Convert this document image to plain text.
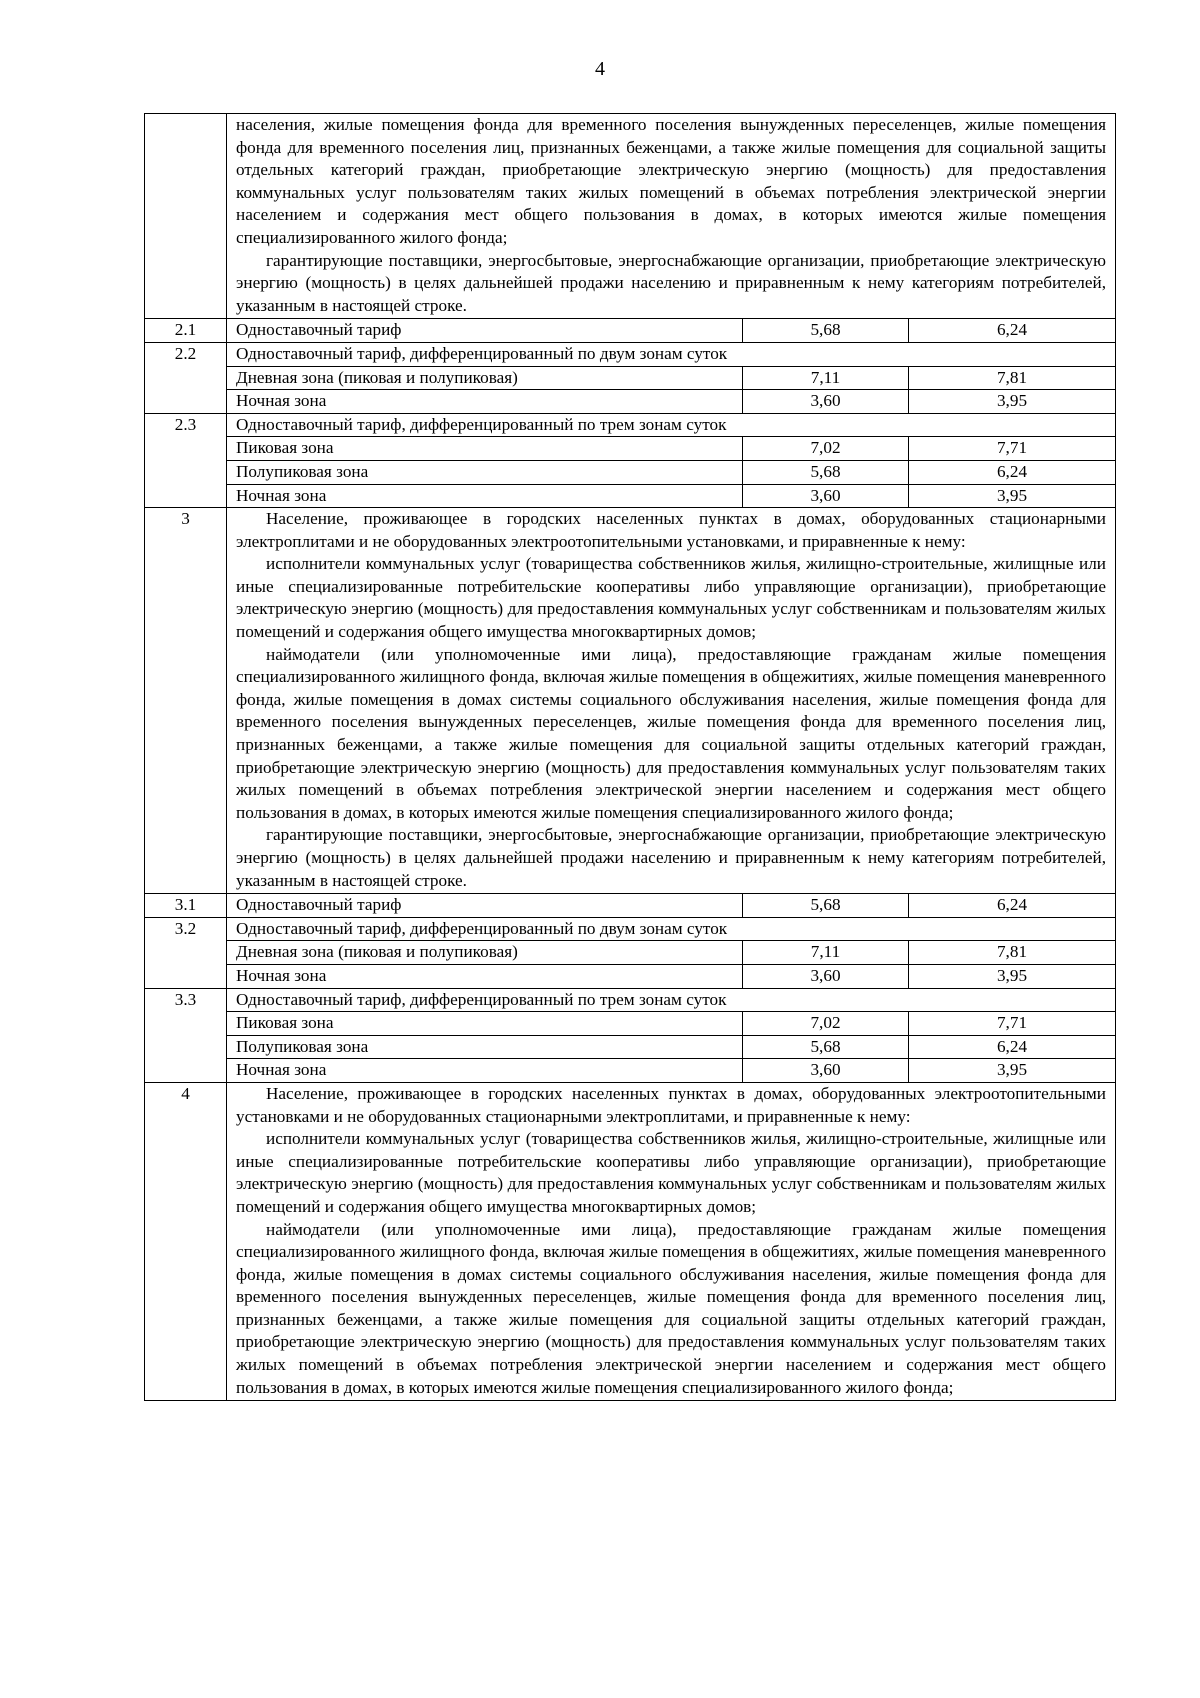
4

	населения, жилые помещения фонда для временного поселения вынужденных переселенцев, жилые помещения фонда для временного поселения лиц, признанных беженцами, а также жилые помещения для социальной защиты отдельных категорий граждан, приобретающие электрическую энергию (мощность) для предоставления коммунальных услуг пользователям таких жилых помещений в объемах потребления электрической энергии населением и содержания мест общего пользования в домах, в которых имеются жилые помещения специализированного жилого фонда;
гарантирующие поставщики, энергосбытовые, энергоснабжающие организации, приобретающие электрическую энергию (мощность) в целях дальнейшей продажи населению и приравненным к нему категориям потребителей, указанным в настоящей строке.		

2.1	Одноставочный тариф	5,68	6,24
2.2	Одноставочный тариф, дифференцированный по двум зонам суток		
	Дневная зона (пиковая и полупиковая)	7,11	7,81
	Ночная зона	3,60	3,95
2.3	Одноставочный тариф, дифференцированный по трем зонам суток		
	Пиковая зона	7,02	7,71
	Полупиковая зона	5,68	6,24
	Ночная зона	3,60	3,95
3	Население, проживающее в городских населенных пунктах в домах, оборудованных стационарными электроплитами и не оборудованных электроотопительными установками, и приравненные к нему:
исполнители коммунальных услуг (товарищества собственников жилья, жилищно-строительные, жилищные или иные специализированные потребительские кооперативы либо управляющие организации), приобретающие электрическую энергию (мощность) для предоставления коммунальных услуг собственникам и пользователям жилых помещений и содержания общего имущества многоквартирных домов;
наймодатели (или уполномоченные ими лица), предоставляющие гражданам жилые помещения специализированного жилищного фонда, включая жилые помещения в общежитиях, жилые помещения маневренного фонда, жилые помещения в домах системы социального обслуживания населения, жилые помещения фонда для временного поселения вынужденных переселенцев, жилые помещения фонда для временного поселения лиц, признанных беженцами, а также жилые помещения для социальной защиты отдельных категорий граждан, приобретающие электрическую энергию (мощность) для предоставления коммунальных услуг пользователям таких жилых помещений в объемах потребления электрической энергии населением и содержания мест общего пользования в домах, в которых имеются жилые помещения специализированного жилого фонда;
гарантирующие поставщики, энергосбытовые, энергоснабжающие организации, приобретающие электрическую энергию (мощность) в целях дальнейшей продажи населению и приравненным к нему категориям потребителей, указанным в настоящей строке.		

3.1	Одноставочный тариф	5,68	6,24
3.2	Одноставочный тариф, дифференцированный по двум зонам суток		
	Дневная зона (пиковая и полупиковая)	7,11	7,81
	Ночная зона	3,60	3,95
3.3	Одноставочный тариф, дифференцированный по трем зонам суток		
	Пиковая зона	7,02	7,71
	Полупиковая зона	5,68	6,24
	Ночная зона	3,60	3,95
4	Население, проживающее в городских населенных пунктах в домах, оборудованных электроотопительными установками и не оборудованных стационарными электроплитами, и приравненные к нему:
исполнители коммунальных услуг (товарищества собственников жилья, жилищно-строительные, жилищные или иные специализированные потребительские кооперативы либо управляющие организации), приобретающие электрическую энергию (мощность) для предоставления коммунальных услуг собственникам и пользователям жилых помещений и содержания общего имущества многоквартирных домов;
наймодатели (или уполномоченные ими лица), предоставляющие гражданам жилые помещения специализированного жилищного фонда, включая жилые помещения в общежитиях, жилые помещения маневренного фонда, жилые помещения в домах системы социального обслуживания населения, жилые помещения фонда для временного поселения вынужденных переселенцев, жилые помещения фонда для временного поселения лиц, признанных беженцами, а также жилые помещения для социальной защиты отдельных категорий граждан, приобретающие электрическую энергию (мощность) для предоставления коммунальных услуг пользователям таких жилых помещений в объемах потребления электрической энергии населением и содержания мест общего пользования в домах, в которых имеются жилые помещения специализированного жилого фонда;		
